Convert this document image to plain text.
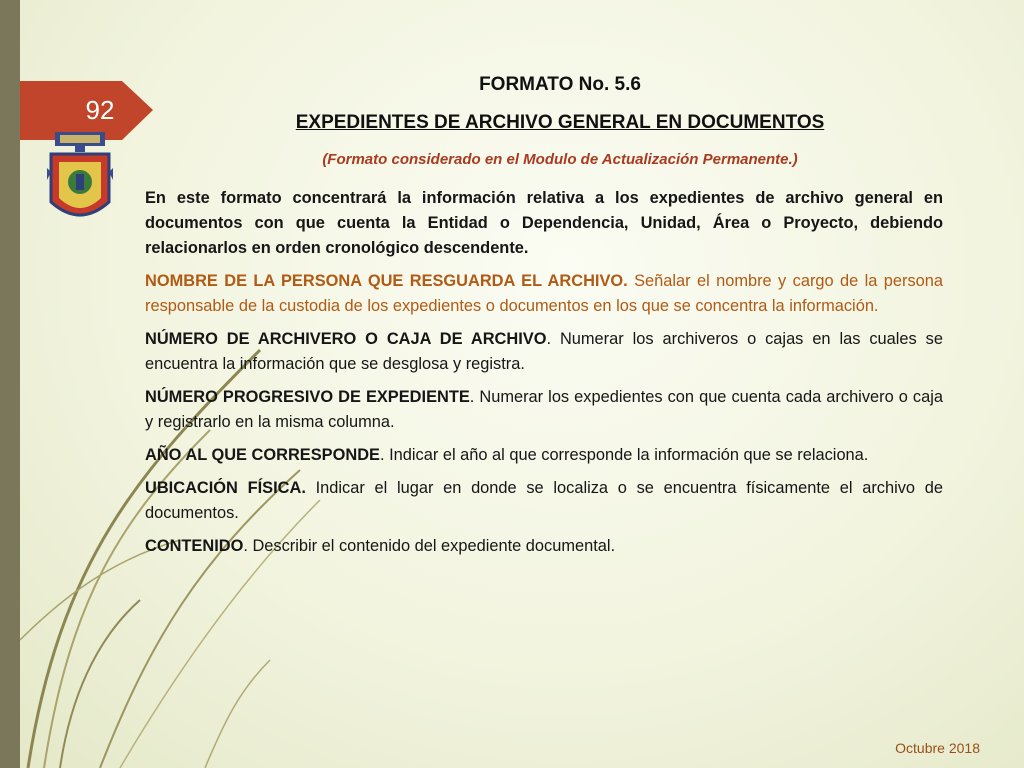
92
FORMATO No. 5.6
EXPEDIENTES DE ARCHIVO GENERAL EN DOCUMENTOS

(Formato considerado en el Modulo de Actualización Permanente.)

En este formato concentrará la información relativa a los expedientes de archivo general en documentos con que cuenta la Entidad o Dependencia, Unidad, Área o Proyecto, debiendo relacionarlos en orden cronológico descendente.

NOMBRE DE LA PERSONA QUE RESGUARDA EL ARCHIVO. Señalar el nombre y cargo de la persona responsable de la custodia de los expedientes o documentos en los que se concentra la información.

NÚMERO DE ARCHIVERO O CAJA DE ARCHIVO. Numerar los archiveros o cajas en las cuales se encuentra la información que se desglosa y registra.

NÚMERO PROGRESIVO DE EXPEDIENTE. Numerar los expedientes con que cuenta cada archivero o caja y registrarlo en la misma columna.

AÑO AL QUE CORRESPONDE. Indicar el año al que corresponde la información que se relaciona.

UBICACIÓN FÍSICA. Indicar el lugar en donde se localiza o se encuentra físicamente el archivo de documentos.

CONTENIDO. Describir el contenido del expediente documental.

Octubre 2018
